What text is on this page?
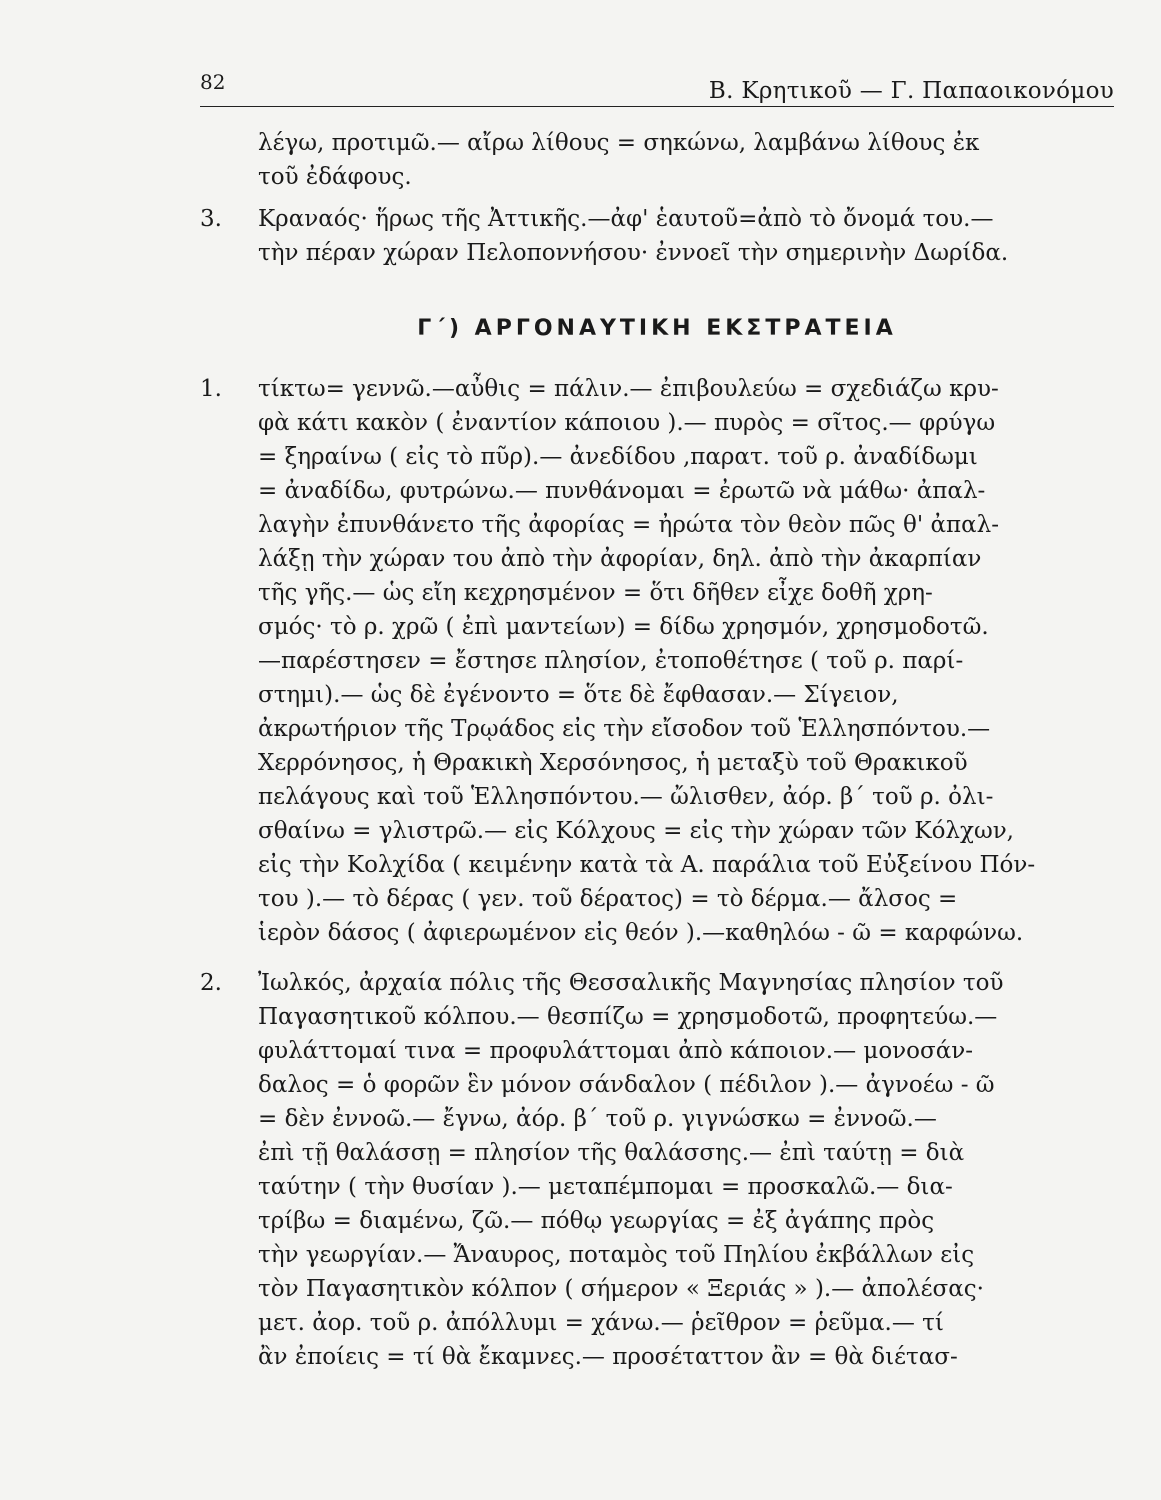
82	Β. Κρητικοῦ — Γ. Παπαοικονόμου
λέγω, προτιμῶ.— αἴρω λίθους = σηκώνω, λαμβάνω λίθους ἐκ
τοῦ ἐδάφους.
3. Κραναός· ἥρως τῆς Ἀττικῆς.—ἀφ' ἑαυτοῦ=ἀπὸ τὸ ὄνομά του.—
τὴν πέραν χώραν Πελοποννήσου· ἐννοεῖ τὴν σημερινὴν Δωρίδα.
Γ΄) ΑΡΓΟΝΑΥΤΙΚΗ ΕΚΣΤΡΑΤΕΙΑ
1. τίκτω= γεννῶ.—αὖθις = πάλιν.— ἐπιβουλεύω = σχεδιάζω κρυ-
φὰ κάτι κακὸν ( ἐναντίον κάποιου ).— πυρὸς = σῖτος.— φρύγω
= ξηραίνω ( εἰς τὸ πῦρ).— ἀνεδίδου ,παρατ. τοῦ ρ. ἀναδίδωμι
= ἀναδίδω, φυτρώνω.— πυνθάνομαι = ἐρωτῶ νὰ μάθω· ἀπαλ-
λαγὴν ἐπυνθάνετο τῆς ἀφορίας = ἠρώτα τὸν θεὸν πῶς θ' ἀπαλ-
λάξῃ τὴν χώραν του ἀπὸ τὴν ἀφορίαν, δηλ. ἀπὸ τὴν ἀκαρπίαν
τῆς γῆς.— ὡς εἴη κεχρησμένον = ὅτι δῆθεν εἶχε δοθῆ χρη-
σμός· τὸ ρ. χρῶ ( ἐπὶ μαντείων) = δίδω χρησμόν, χρησμοδοτῶ.
—παρέστησεν = ἔστησε πλησίον, ἐτοποθέτησε ( τοῦ ρ. παρί-
στημι).— ὡς δὲ ἐγένοντο = ὅτε δὲ ἔφθασαν.— Σίγειον,
ἀκρωτήριον τῆς Τρῳάδος εἰς τὴν εἴσοδον τοῦ Ἑλλησπόντου.—
Χερρόνησος, ἡ Θρακικὴ Χερσόνησος, ἡ μεταξὺ τοῦ Θρακικοῦ
πελάγους καὶ τοῦ Ἑλλησπόντου.— ὤλισθεν, ἀόρ. β΄ τοῦ ρ. ὀλι-
σθαίνω = γλιστρῶ.— εἰς Κόλχους = εἰς τὴν χώραν τῶν Κόλχων,
εἰς τὴν Κολχίδα ( κειμένην κατὰ τὰ Α. παράλια τοῦ Εὐξείνου Πόν-
του ).— τὸ δέρας ( γεν. τοῦ δέρατος) = τὸ δέρμα.— ἄλσος =
ἱερὸν δάσος ( ἀφιερωμένον εἰς θεόν ).—καθηλόω - ῶ = καρφώνω.
2. Ἰωλκός, ἀρχαία πόλις τῆς Θεσσαλικῆς Μαγνησίας πλησίον τοῦ
Παγασητικοῦ κόλπου.— θεσπίζω = χρησμοδοτῶ, προφητεύω.—
φυλάττομαί τινα = προφυλάττομαι ἀπὸ κάποιον.— μονοσάν-
δαλος = ὁ φορῶν ἓν μόνον σάνδαλον ( πέδιλον ).— ἀγνοέω - ῶ
= δὲν ἐννοῶ.— ἔγνω, ἀόρ. β΄ τοῦ ρ. γιγνώσκω = ἐννοῶ.—
ἐπὶ τῇ θαλάσσῃ = πλησίον τῆς θαλάσσης.— ἐπὶ ταύτῃ = διὰ
ταύτην ( τὴν θυσίαν ).— μεταπέμπομαι = προσκαλῶ.— δια-
τρίβω = διαμένω, ζῶ.— πόθῳ γεωργίας = ἐξ ἀγάπης πρὸς
τὴν γεωργίαν.— Ἄναυρος, ποταμὸς τοῦ Πηλίου ἐκβάλλων εἰς
τὸν Παγασητικὸν κόλπον ( σήμερον « Ξεριάς » ).— ἀπολέσας·
μετ. ἀορ. τοῦ ρ. ἀπόλλυμι = χάνω.— ῥεῖθρον = ῥεῦμα.— τί
ἂν ἐποίεις = τί θὰ ἔκαμνες.— προσέταττον ἂν = θὰ διέτασ-
